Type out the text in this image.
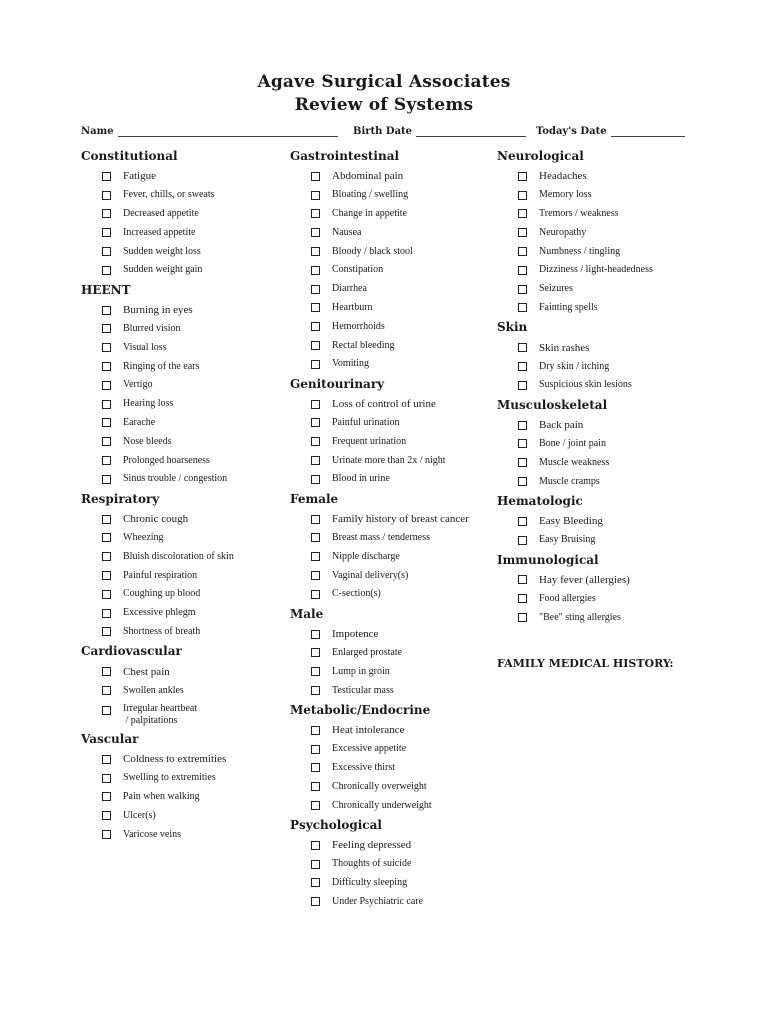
Agave Surgical Associates
Review of Systems
Name	Birth Date	Today's Date
Constitutional
Fatigue
Fever, chills, or sweats
Decreased appetite
Increased appetite
Sudden weight loss
Sudden weight gain
HEENT
Burning in eyes
Blurred vision
Visual loss
Ringing of the ears
Vertigo
Hearing loss
Earache
Nose bleeds
Prolonged hoarseness
Sinus trouble / congestion
Respiratory
Chronic cough
Wheezing
Bluish discoloration of skin
Painful respiration
Coughing up blood
Excessive phlegm
Shortness of breath
Cardiovascular
Chest pain
Swollen ankles
Irregular heartbeat
/ palpitations
Vascular
Coldness to extremities
Swelling to extremities
Pain when walking
Ulcer(s)
Varicose veins
Gastrointestinal
Abdominal pain
Bloating / swelling
Change in appetite
Nausea
Bloody / black stool
Constipation
Diarrhea
Heartburn
Hemorrhoids
Rectal bleeding
Vomiting
Genitourinary
Loss of control of urine
Painful urination
Frequent urination
Urinate more than 2x / night
Blood in urine
Female
Family history of breast cancer
Breast mass / tenderness
Nipple discharge
Vaginal delivery(s)
C-section(s)
Male
Impotence
Enlarged prostate
Lump in groin
Testicular mass
Metabolic/Endocrine
Heat intolerance
Excessive appetite
Excessive thirst
Chronically overweight
Chronically underweight
Psychological
Feeling depressed
Thoughts of suicide
Difficulty sleeping
Under Psychiatric care
Neurological
Headaches
Memory loss
Tremors / weakness
Neuropathy
Numbness / tingling
Dizziness / light-headedness
Seizures
Fainting spells
Skin
Skin rashes
Dry skin / itching
Suspicious skin lesions
Musculoskeletal
Back pain
Bone / joint pain
Muscle weakness
Muscle cramps
Hematologic
Easy Bleeding
Easy Bruising
Immunological
Hay fever (allergies)
Food allergies
"Bee" sting allergies
FAMILY MEDICAL HISTORY:
